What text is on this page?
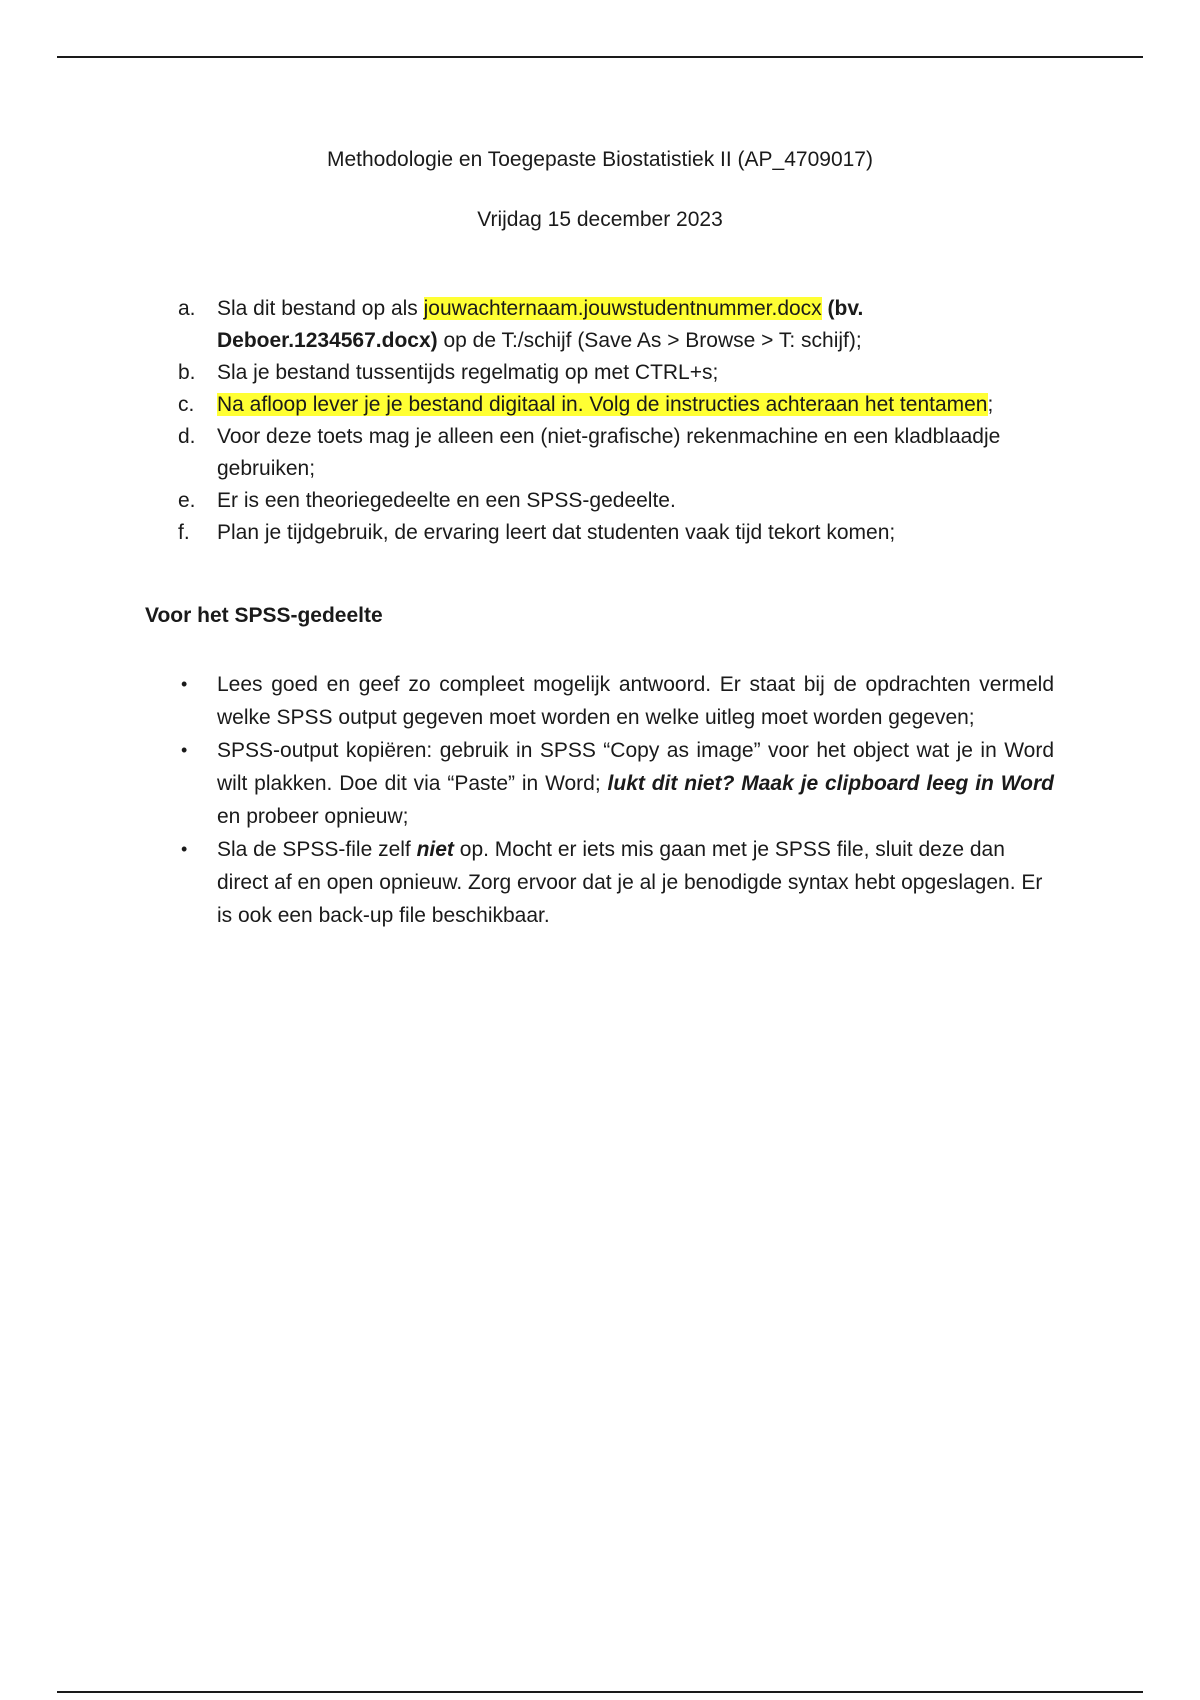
Methodologie en Toegepaste Biostatistiek II (AP_4709017)
Vrijdag 15 december 2023
a. Sla dit bestand op als jouwachternaam.jouwstudentnummer.docx (bv. Deboer.1234567.docx) op de T:/schijf (Save As > Browse > T: schijf);
b. Sla je bestand tussentijds regelmatig op met CTRL+s;
c. Na afloop lever je je bestand digitaal in. Volg de instructies achteraan het tentamen;
d. Voor deze toets mag je alleen een (niet-grafische) rekenmachine en een kladblaadje gebruiken;
e. Er is een theoriegedeelte en een SPSS-gedeelte.
f. Plan je tijdgebruik, de ervaring leert dat studenten vaak tijd tekort komen;
Voor het SPSS-gedeelte
• Lees goed en geef zo compleet mogelijk antwoord. Er staat bij de opdrachten vermeld welke SPSS output gegeven moet worden en welke uitleg moet worden gegeven;
• SPSS-output kopiëren: gebruik in SPSS “Copy as image” voor het object wat je in Word wilt plakken. Doe dit via “Paste” in Word; lukt dit niet? Maak je clipboard leeg in Word en probeer opnieuw;
• Sla de SPSS-file zelf niet op. Mocht er iets mis gaan met je SPSS file, sluit deze dan direct af en open opnieuw. Zorg ervoor dat je al je benodigde syntax hebt opgeslagen. Er is ook een back-up file beschikbaar.
